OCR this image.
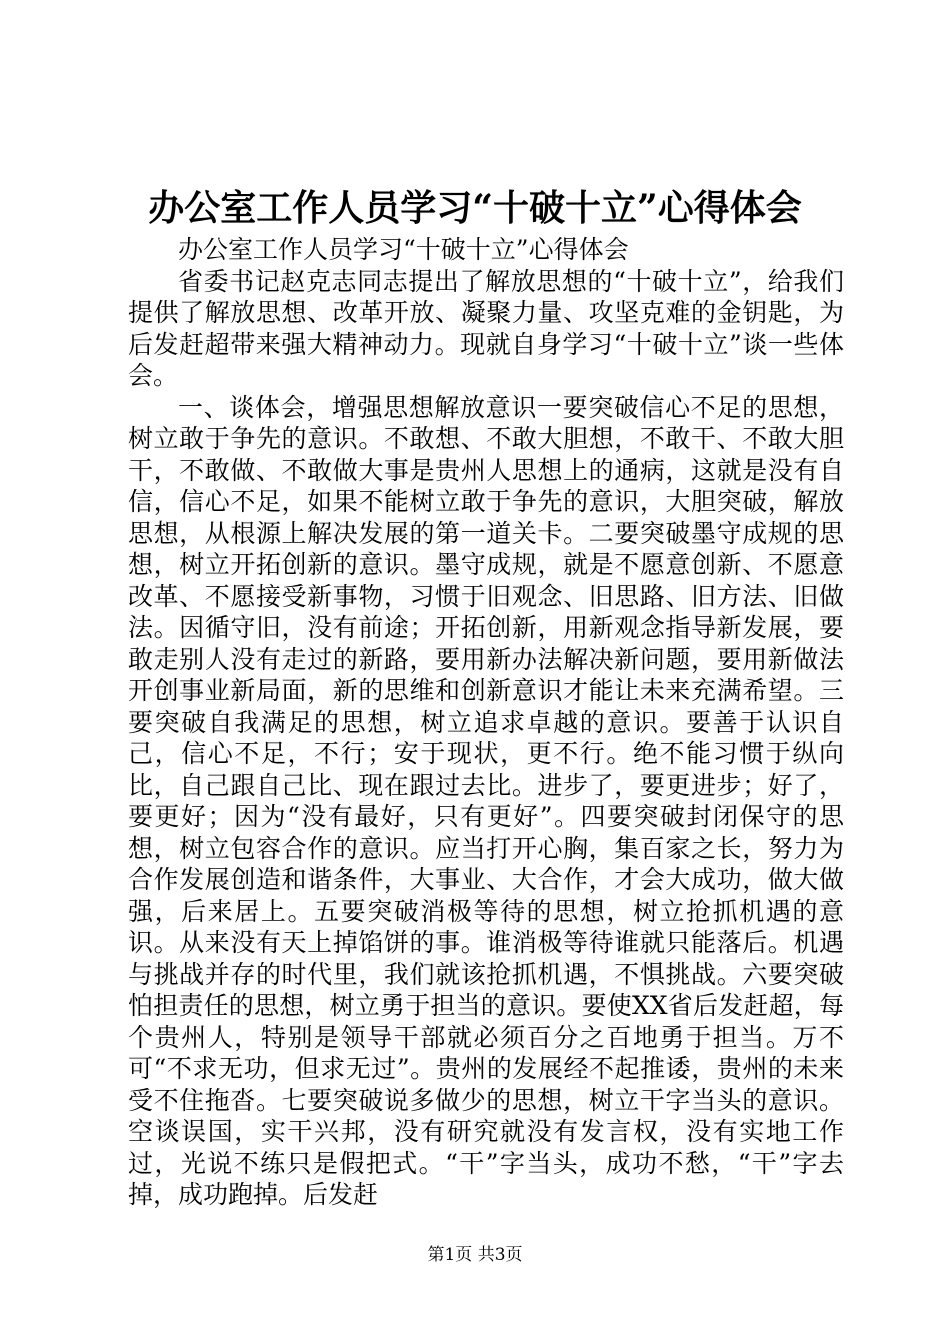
办公室工作人员学习“十破十立”心得体会

办公室工作人员学习“十破十立”心得体会

省委书记赵克志同志提出了解放思想的“十破十立”，给我们提供了解放思想、改革开放、凝聚力量、攻坚克难的金钥匙，为后发赶超带来强大精神动力。现就自身学习“十破十立”谈一些体会。

一、谈体会，增强思想解放意识一要突破信心不足的思想，树立敢于争先的意识。不敢想、不敢大胆想，不敢干、不敢大胆干，不敢做、不敢做大事是贵州人思想上的通病，这就是没有自信，信心不足，如果不能树立敢于争先的意识，大胆突破，解放思想，从根源上解决发展的第一道关卡。二要突破墨守成规的思想，树立开拓创新的意识。墨守成规，就是不愿意创新、不愿意改革、不愿接受新事物，习惯于旧观念、旧思路、旧方法、旧做法。因循守旧，没有前途；开拓创新，用新观念指导新发展，要敢走别人没有走过的新路，要用新办法解决新问题，要用新做法开创事业新局面，新的思维和创新意识才能让未来充满希望。三要突破自我满足的思想，树立追求卓越的意识。要善于认识自己，信心不足，不行；安于现状，更不行。绝不能习惯于纵向比，自己跟自己比、现在跟过去比。进步了，要更进步；好了，要更好；因为“没有最好，只有更好”。四要突破封闭保守的思想，树立包容合作的意识。应当打开心胸，集百家之长，努力为合作发展创造和谐条件，大事业、大合作，才会大成功，做大做强，后来居上。五要突破消极等待的思想，树立抢抓机遇的意识。从来没有天上掉馅饼的事。谁消极等待谁就只能落后。机遇与挑战并存的时代里，我们就该抢抓机遇，不惧挑战。六要突破怕担责任的思想，树立勇于担当的意识。要使XX省后发赶超，每个贵州人，特别是领导干部就必须百分之百地勇于担当。万不可“不求无功，但求无过”。贵州的发展经不起推诿，贵州的未来受不住拖沓。七要突破说多做少的思想，树立干字当头的意识。空谈误国，实干兴邦，没有研究就没有发言权，没有实地工作过，光说不练只是假把式。“干”字当头，成功不愁，“干”字去掉，成功跑掉。后发赶

第1页 共3页
